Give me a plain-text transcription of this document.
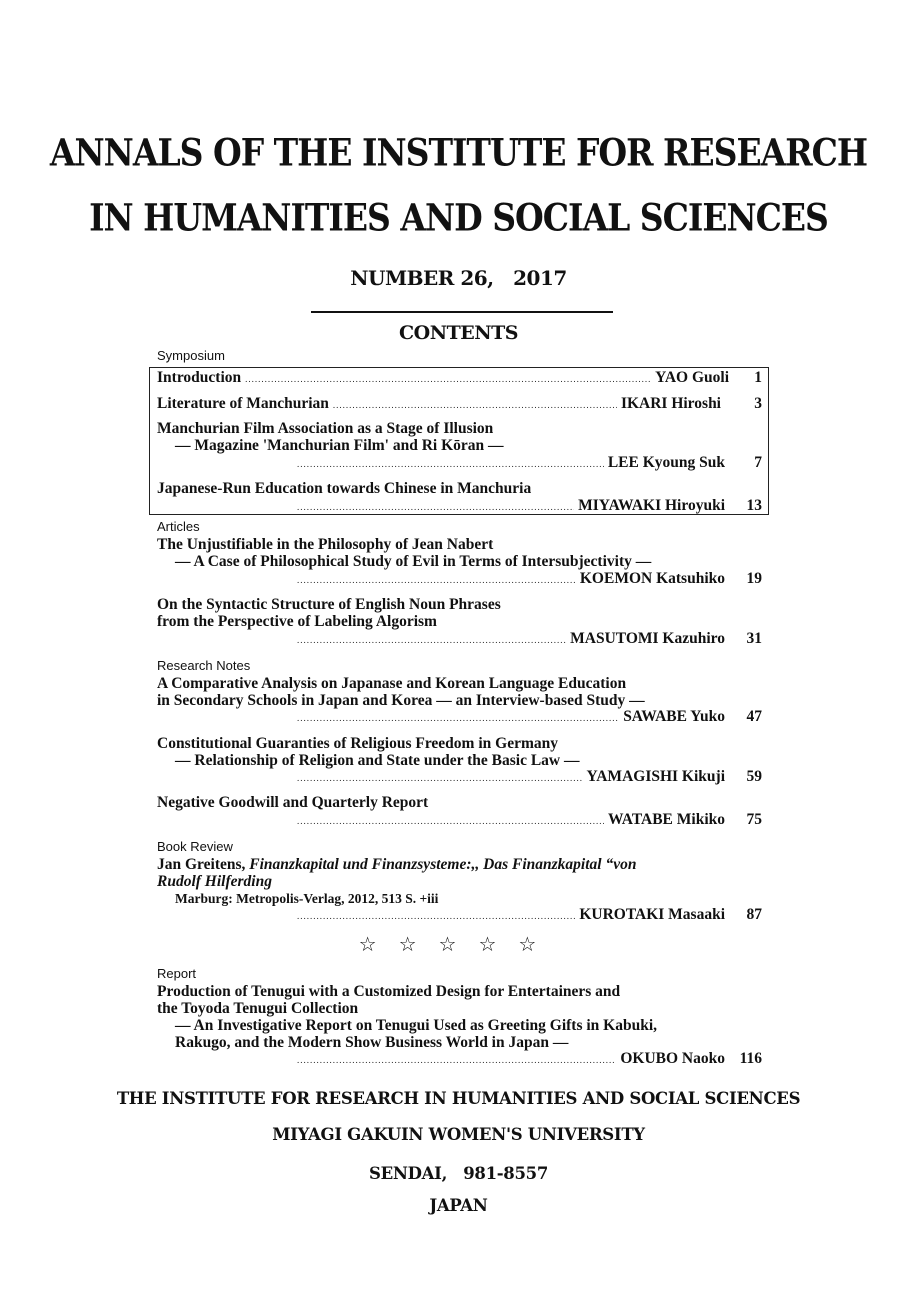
ANNALS OF THE INSTITUTE FOR RESEARCH
IN HUMANITIES AND SOCIAL SCIENCES
NUMBER 26,　2017
CONTENTS
Symposium
Introduction .....	YAO Guoli	1
Literature of Manchurian .....	IKARI Hiroshi	3
Manchurian Film Association as a Stage of Illusion
― Magazine 'Manchurian Film' and Ri Kōran ―
.....
LEE Kyoung Suk	7
Japanese-Run Education towards Chinese in Manchuria
.....
MIYAWAKI Hiroyuki	13
Articles
The Unjustifiable in the Philosophy of Jean Nabert
― A Case of Philosophical Study of Evil in Terms of Intersubjectivity ―
.....
KOEMON Katsuhiko	19
On the Syntactic Structure of English Noun Phrases
from the Perspective of Labeling Algorism
.....
MASUTOMI Kazuhiro	31
Research Notes
A Comparative Analysis on Japanase and Korean Language Education
in Secondary Schools in Japan and Korea ― an Interview-based Study ―
.....
SAWABE Yuko	47
Constitutional Guaranties of Religious Freedom in Germany
― Relationship of Religion and State under the Basic Law ―
.....
YAMAGISHI Kikuji	59
Negative Goodwill and Quarterly Report
.....
WATABE Mikiko	75
Book Review
Jan Greitens, Finanzkapital und Finanzsysteme:,, Das Finanzkapital “von
Rudolf Hilferding
Marburg: Metropolis-Verlag, 2012, 513 S. +iii
.....
KUROTAKI Masaaki	87
☆☆☆☆☆
Report
Production of Tenugui with a Customized Design for Entertainers and
the Toyoda Tenugui Collection
― An Investigative Report on Tenugui Used as Greeting Gifts in Kabuki,
Rakugo, and the Modern Show Business World in Japan ―
.....
OKUBO Naoko 116
THE INSTITUTE FOR RESEARCH IN HUMANITIES AND SOCIAL SCIENCES
MIYAGI GAKUIN WOMEN'S UNIVERSITY
SENDAI,　981-8557
JAPAN
